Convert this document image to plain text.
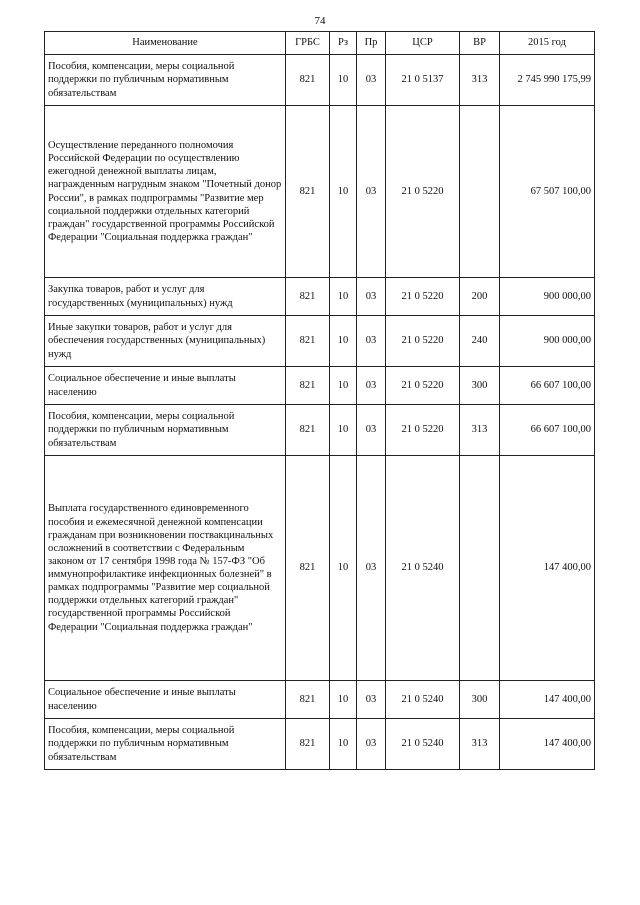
74
Наименование	ГРБС	Рз	Пр	ЦСР	ВР	2015 год
Пособия, компенсации, меры социальной поддержки по публичным нормативным обязательствам	821	10	03	21 0 5137	313	2 745 990 175,99
Осуществление переданного полномочия Российской Федерации по осуществлению ежегодной денежной выплаты лицам, награжденным нагрудным знаком "Почетный донор России", в рамках подпрограммы "Развитие мер социальной поддержки отдельных категорий граждан" государственной программы Российской Федерации "Социальная поддержка граждан"	821	10	03	21 0 5220		67 507 100,00
Закупка товаров, работ и услуг для государственных (муниципальных) нужд	821	10	03	21 0 5220	200	900 000,00
Иные закупки товаров, работ и услуг для обеспечения государственных (муниципальных) нужд	821	10	03	21 0 5220	240	900 000,00
Социальное обеспечение и иные выплаты населению	821	10	03	21 0 5220	300	66 607 100,00
Пособия, компенсации, меры социальной поддержки по публичным нормативным обязательствам	821	10	03	21 0 5220	313	66 607 100,00
Выплата государственного единовременного пособия и ежемесячной денежной компенсации гражданам при возникновении поствакцинальных осложнений в соответствии с Федеральным законом от 17 сентября 1998 года № 157-ФЗ "Об иммунопрофилактике инфекционных болезней" в рамках подпрограммы "Развитие мер социальной поддержки отдельных категорий граждан" государственной программы Российской Федерации "Социальная поддержка граждан"	821	10	03	21 0 5240		147 400,00
Социальное обеспечение и иные выплаты населению	821	10	03	21 0 5240	300	147 400,00
Пособия, компенсации, меры социальной поддержки по публичным нормативным обязательствам	821	10	03	21 0 5240	313	147 400,00
